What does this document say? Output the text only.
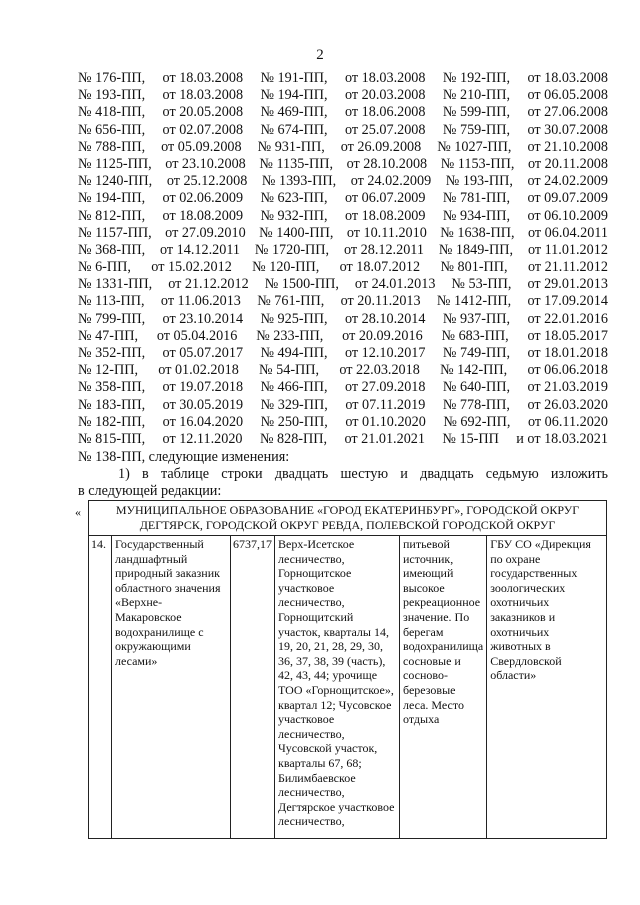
2
№ 176-ПП, от 18.03.2008 № 191-ПП, от 18.03.2008 № 192-ПП, от 18.03.2008
№ 193-ПП, от 18.03.2008 № 194-ПП, от 20.03.2008 № 210-ПП, от 06.05.2008
№ 418-ПП, от 20.05.2008 № 469-ПП, от 18.06.2008 № 599-ПП, от 27.06.2008
№ 656-ПП, от 02.07.2008 № 674-ПП, от 25.07.2008 № 759-ПП, от 30.07.2008
№ 788-ПП, от 05.09.2008 № 931-ПП, от 26.09.2008 № 1027-ПП, от 21.10.2008
№ 1125-ПП, от 23.10.2008 № 1135-ПП, от 28.10.2008 № 1153-ПП, от 20.11.2008
№ 1240-ПП, от 25.12.2008 № 1393-ПП, от 24.02.2009 № 193-ПП, от 24.02.2009
№ 194-ПП, от 02.06.2009 № 623-ПП, от 06.07.2009 № 781-ПП, от 09.07.2009
№ 812-ПП, от 18.08.2009 № 932-ПП, от 18.08.2009 № 934-ПП, от 06.10.2009
№ 1157-ПП, от 27.09.2010 № 1400-ПП, от 10.11.2010 № 1638-ПП, от 06.04.2011
№ 368-ПП, от 14.12.2011 № 1720-ПП, от 28.12.2011 № 1849-ПП, от 11.01.2012
№ 6-ПП, от 15.02.2012 № 120-ПП, от 18.07.2012 № 801-ПП, от 21.11.2012
№ 1331-ПП, от 21.12.2012 № 1500-ПП, от 24.01.2013 № 53-ПП, от 29.01.2013
№ 113-ПП, от 11.06.2013 № 761-ПП, от 20.11.2013 № 1412-ПП, от 17.09.2014
№ 799-ПП, от 23.10.2014 № 925-ПП, от 28.10.2014 № 937-ПП, от 22.01.2016
№ 47-ПП, от 05.04.2016 № 233-ПП, от 20.09.2016 № 683-ПП, от 18.05.2017
№ 352-ПП, от 05.07.2017 № 494-ПП, от 12.10.2017 № 749-ПП, от 18.01.2018
№ 12-ПП, от 01.02.2018 № 54-ПП, от 22.03.2018 № 142-ПП, от 06.06.2018
№ 358-ПП, от 19.07.2018 № 466-ПП, от 27.09.2018 № 640-ПП, от 21.03.2019
№ 183-ПП, от 30.05.2019 № 329-ПП, от 07.11.2019 № 778-ПП, от 26.03.2020
№ 182-ПП, от 16.04.2020 № 250-ПП, от 01.10.2020 № 692-ПП, от 06.11.2020
№ 815-ПП, от 12.11.2020 № 828-ПП, от 21.01.2021 № 15-ПП и от 18.03.2021
№ 138-ПП, следующие изменения:
1) в таблице строки двадцать шестую и двадцать седьмую изложить
в следующей редакции:
«	МУНИЦИПАЛЬНОЕ ОБРАЗОВАНИЕ «ГОРОД ЕКАТЕРИНБУРГ», ГОРОДСКОЙ ОКРУГ ДЕГТЯРСК, ГОРОДСКОЙ ОКРУГ РЕВДА, ПОЛЕВСКОЙ ГОРОДСКОЙ ОКРУГ
14.	Государственный ландшафтный природный заказник областного значения «Верхне-Макаровское водохранилище с окружающими лесами»	6737,17	Верх-Исетское лесничество, Горнощитское участковое лесничество, Горнощитский участок, кварталы 14, 19, 20, 21, 28, 29, 30, 36, 37, 38, 39 (часть), 42, 43, 44; урочище ТОО «Горнощитское», квартал 12; Чусовское участковое лесничество, Чусовской участок, кварталы 67, 68; Билимбаевское лесничество, Дегтярское участковое лесничество,	питьевой источник, имеющий высокое рекреационное значение. По берегам водохранилища сосновые и сосново-березовые леса. Место отдыха	ГБУ СО «Дирекция по охране государственных зоологических охотничьих заказников и охотничьих животных в Свердловской области»
